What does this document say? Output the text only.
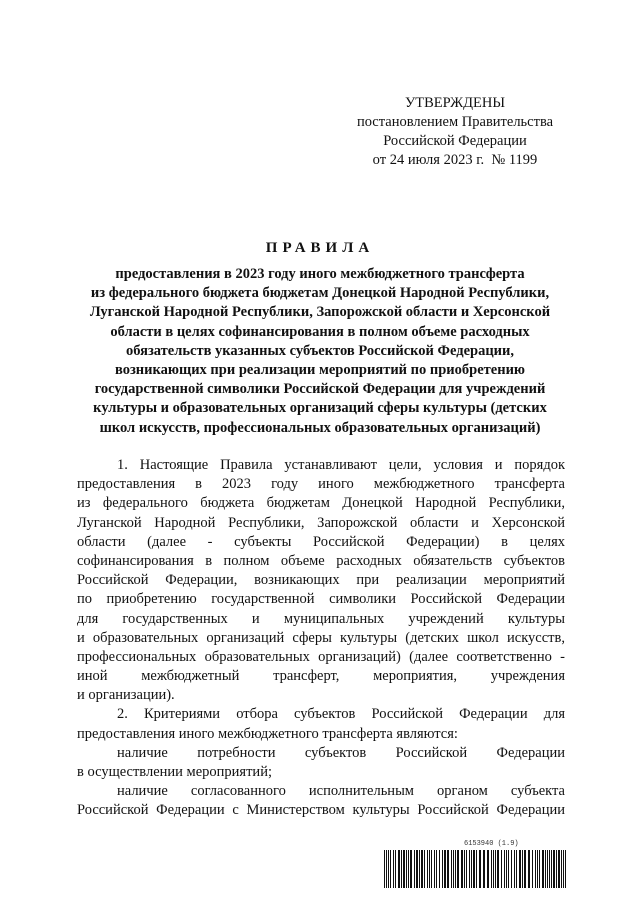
УТВЕРЖДЕНЫ
постановлением Правительства
Российской Федерации
от 24 июля 2023 г.  № 1199
ПРАВИЛА
предоставления в 2023 году иного межбюджетного трансферта
из федерального бюджета бюджетам Донецкой Народной Республики,
Луганской Народной Республики, Запорожской области и Херсонской
области в целях софинансирования в полном объеме расходных
обязательств указанных субъектов Российской Федерации,
возникающих при реализации мероприятий по приобретению
государственной символики Российской Федерации для учреждений
культуры и образовательных организаций сферы культуры (детских
школ искусств, профессиональных образовательных организаций)
1. Настоящие Правила устанавливают цели, условия и порядок
предоставления в 2023 году иного межбюджетного трансферта
из федерального бюджета бюджетам Донецкой Народной Республики,
Луганской Народной Республики, Запорожской области и Херсонской
области (далее - субъекты Российской Федерации) в целях
софинансирования в полном объеме расходных обязательств субъектов
Российской Федерации, возникающих при реализации мероприятий
по приобретению государственной символики Российской Федерации
для государственных и муниципальных учреждений культуры
и образовательных организаций сферы культуры (детских школ искусств,
профессиональных образовательных организаций) (далее соответственно -
иной межбюджетный трансферт, мероприятия, учреждения
и организации).
2. Критериями отбора субъектов Российской Федерации для
предоставления иного межбюджетного трансферта являются:
наличие потребности субъектов Российской Федерации
в осуществлении мероприятий;
наличие согласованного исполнительным органом субъекта
Российской Федерации с Министерством культуры Российской Федерации
6153940 (1.9)
